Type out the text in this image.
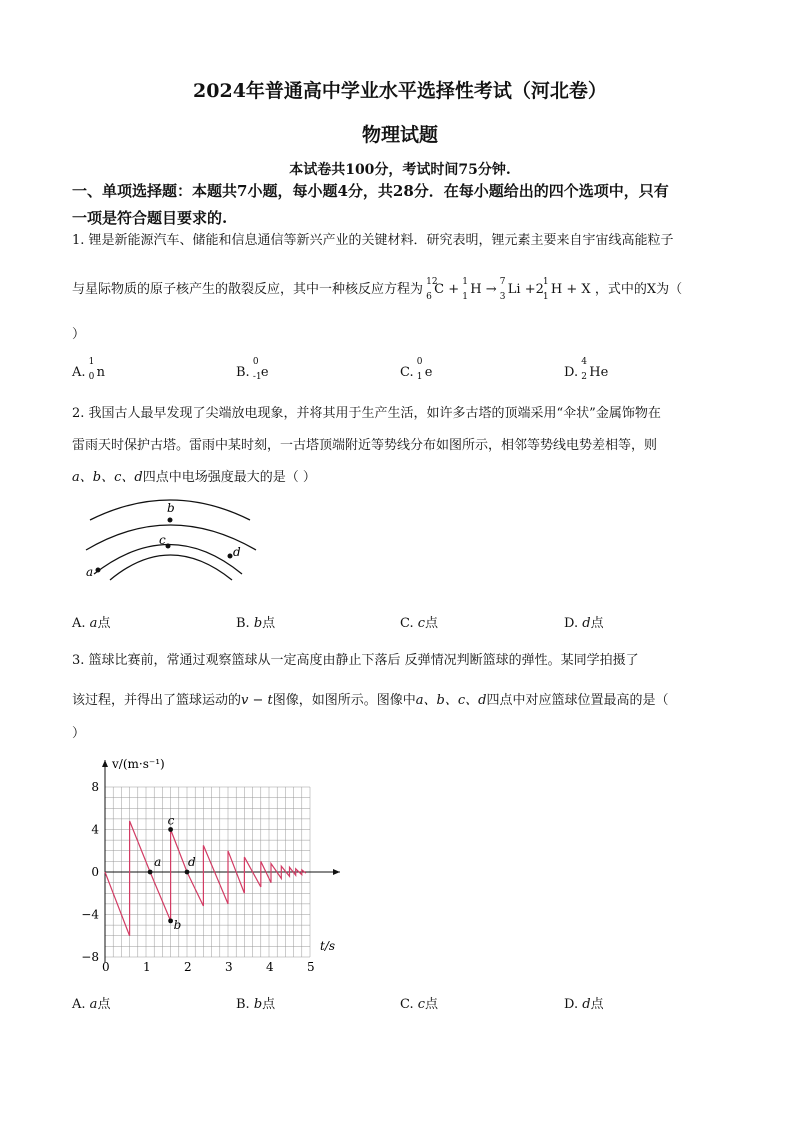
2024年普通高中学业水平选择性考试（河北卷）
物理试题
本试卷共100分，考试时间75分钟.
一、单项选择题：本题共7小题，每小题4分，共28分．在每小题给出的四个选项中，只有
一项是符合题目要求的.
1. 锂是新能源汽车、储能和信息通信等新兴产业的关键材料．研究表明，锂元素主要来自宇宙线高能粒子
与星际物质的原子核产生的散裂反应，其中一种核反应方程为 12
6 C + 1
1 H → 7
3 Li +2 1
1 H + X ，式中的X为（
）
A.
1
0 n	B.
0
-1 e	C.
0
1 e	D.
4
2 He
2. 我国古人最早发现了尖端放电现象，并将其用于生产生活，如许多古塔的顶端采用“伞状”金属饰物在
雷雨天时保护古塔。雷雨中某时刻，一古塔顶端附近等势线分布如图所示，相邻等势线电势差相等，则
a、b、c、d四点中电场强度最大的是（ ）
b
c
d
a
A. a点	B. b点	C. c点	D. d点
3. 篮球比赛前，常通过观察篮球从一定高度由静止下落后 反弹情况判断篮球的弹性。某同学拍摄了
该过程，并得出了篮球运动的v − t图像，如图所示。图像中a、b、c、d四点中对应篮球位置最高的是（
）
0	1	2	3	4	5
8
4
0
−4
−8
a
b
c
d
v/(m·s⁻¹)
t/s
A. a点	B. b点	C. c点	D. d点
